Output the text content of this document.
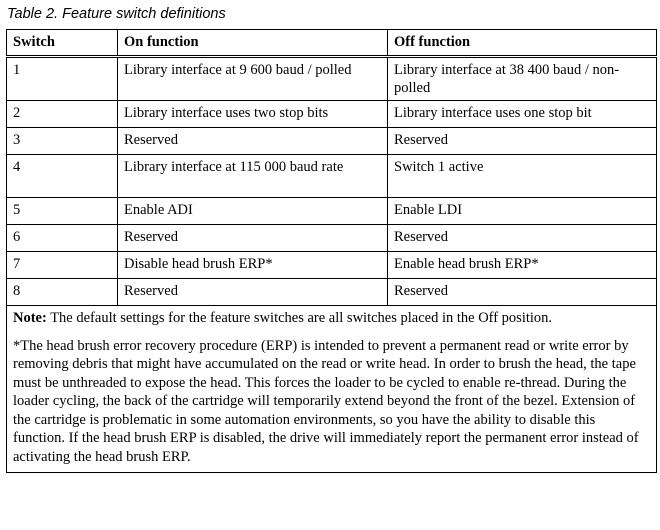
Table 2. Feature switch definitions
Switch	On function	Off function
1	Library interface at 9 600 baud / polled	Library interface at 38 400 baud / non-polled
2	Library interface uses two stop bits	Library interface uses one stop bit
3	Reserved	Reserved
4	Library interface at 115 000 baud rate	Switch 1 active
5	Enable ADI	Enable LDI
6	Reserved	Reserved
7	Disable head brush ERP*	Enable head brush ERP*
8	Reserved	Reserved

Note: The default settings for the feature switches are all switches placed in the Off position.

*The head brush error recovery procedure (ERP) is intended to prevent a permanent read or write error by removing debris that might have accumulated on the read or write head. In order to brush the head, the tape must be unthreaded to expose the head. This forces the loader to be cycled to enable re-thread. During the loader cycling, the back of the cartridge will temporarily extend beyond the front of the bezel. Extension of the cartridge is problematic in some automation environments, so you have the ability to disable this function. If the head brush ERP is disabled, the drive will immediately report the permanent error instead of activating the head brush ERP.		
